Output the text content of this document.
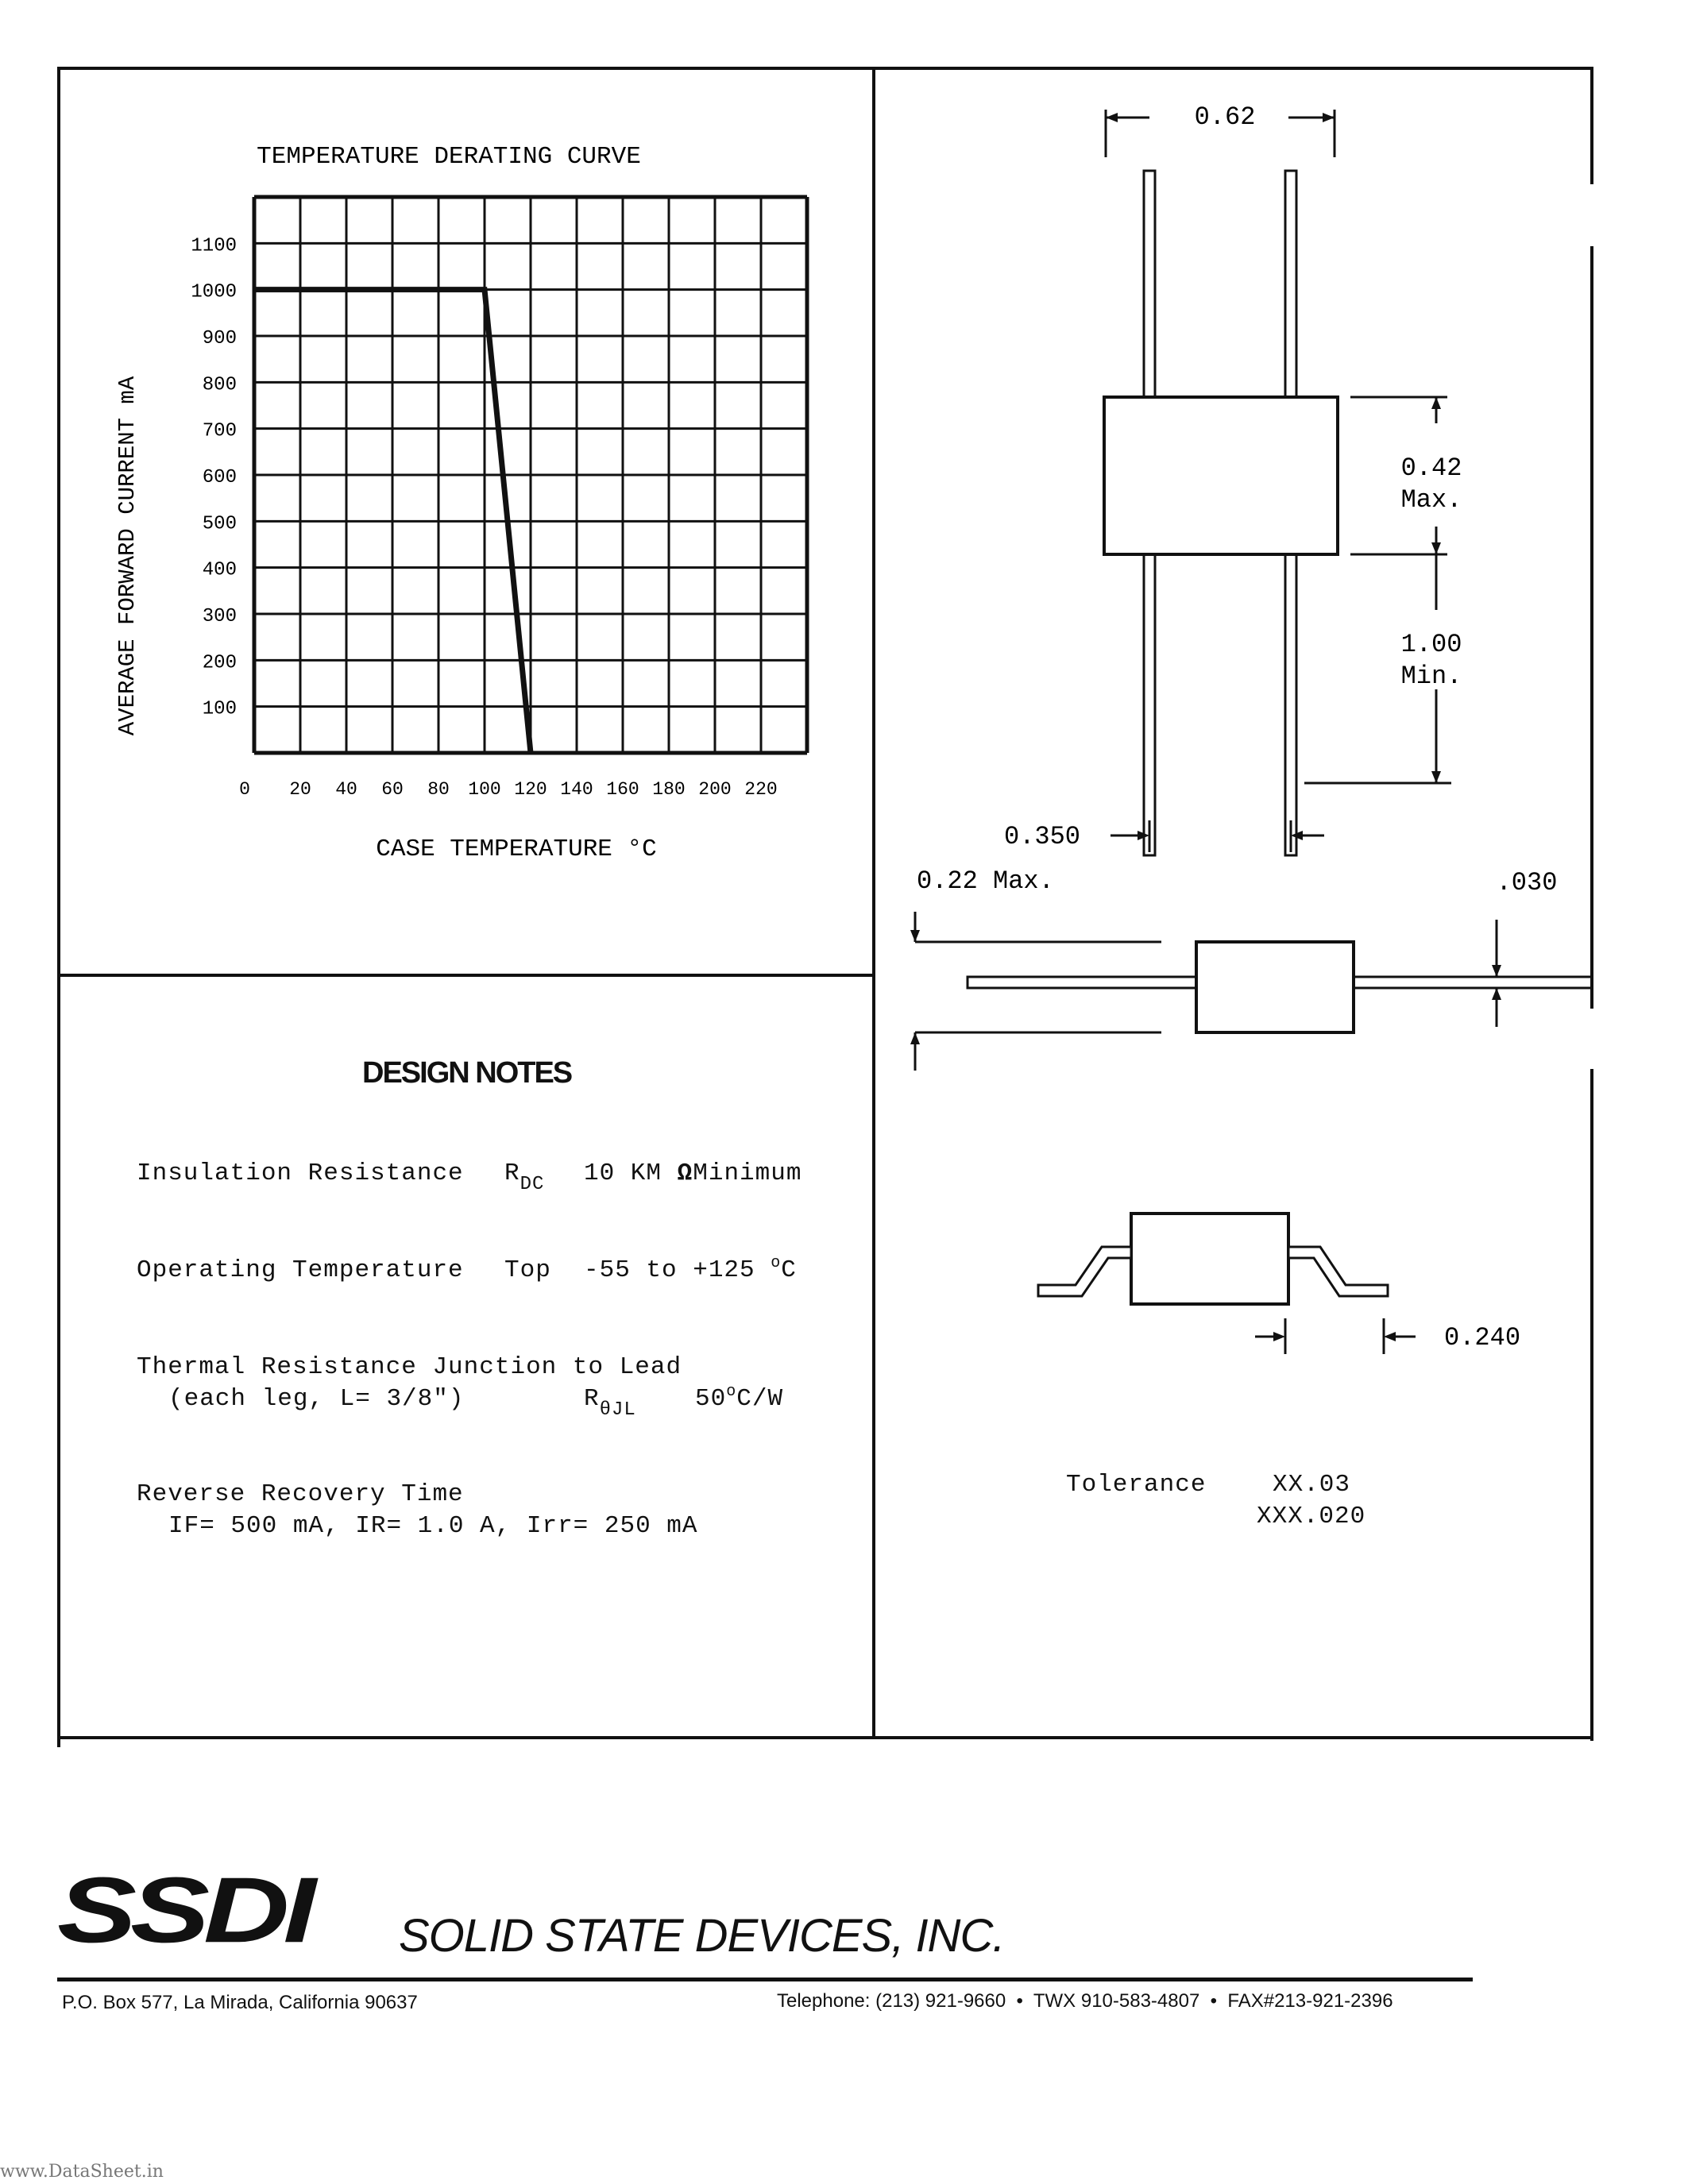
TEMPERATURE DERATING CURVE
100
200
300
400
500
600
700
800
900
1000
1100
0 20 40 60 80 100 120 140 160 180 200 220
AVERAGE FORWARD CURRENT mA
CASE TEMPERATURE °C
0.62
0.42
Max.
1.00
Min.
0.350
0.22 Max.	.030
0.240
Tolerance	XX.03
XXX.020
DESIGN NOTES
Insulation Resistance $R_{DC}$ 10 KM ΩMinimum
Operating Temperature Top -55 to +125 $^o$C
Thermal Resistance Junction to Lead
(each leg, L= 3/8")	$R_{\theta JL}$ 50$^o$C/W
Reverse Recovery Time
IF= 500 mA, IR= 1.0 A, Irr= 250 mA
SSDI SOLID STATE DEVICES, INC.
P.O. Box 577, La Mirada, California 90637	Telephone: (213) 921-9660  •  TWX 910-583-4807  •  FAX#213-921-2396
www.DataSheet.in
